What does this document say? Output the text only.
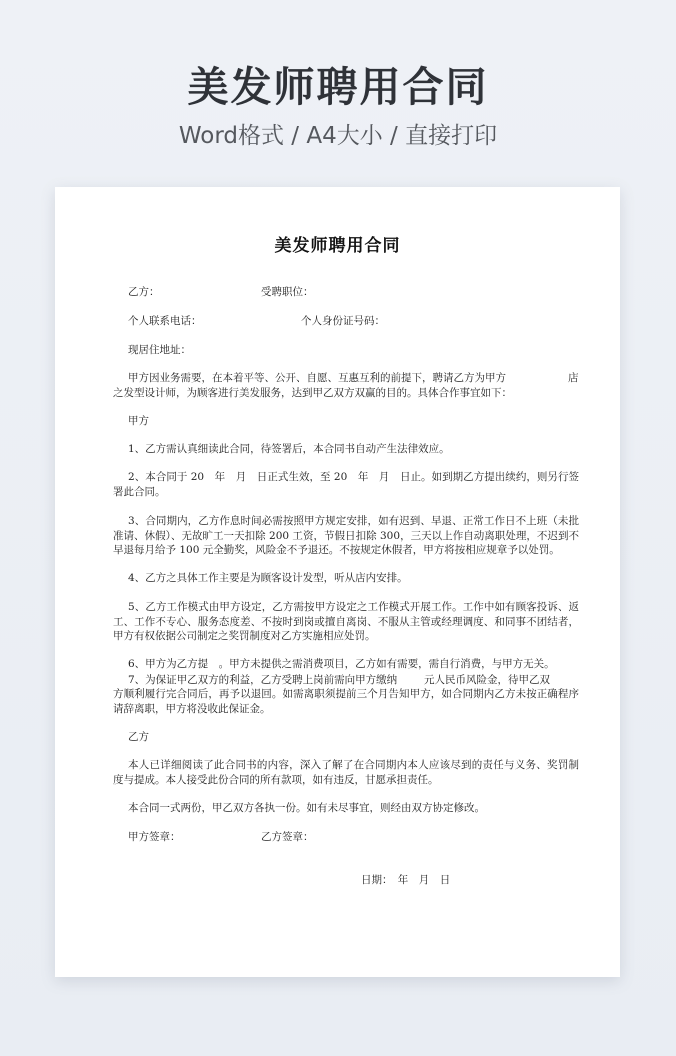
美发师聘用合同
Word格式 / A4大小 / 直接打印
美发师聘用合同
乙方：	受聘职位：
个人联系电话：	个人身份证号码：
现居住地址：
甲方因业务需要，在本着平等、公开、自愿、互惠互利的前提下，聘请乙方为甲方	店
之发型设计师，为顾客进行美发服务，达到甲乙双方双赢的目的。具体合作事宜如下：
甲方
1、乙方需认真细读此合同，待签署后，本合同书自动产生法律效应。
2、本合同于 20　年　月　日正式生效，至 20　年　月　日止。如到期乙方提出续约，则另行签署此合同。
3、合同期内，乙方作息时间必需按照甲方规定安排，如有迟到、早退、正常工作日不上班（未批准请、休假）、无故旷工一天扣除 200 工资，节假日扣除 300，三天以上作自动离职处理，不迟到不早退每月给予 100 元全勤奖，风险金不予退还。不按规定休假者，甲方将按相应规章予以处罚。
4、乙方之具体工作主要是为顾客设计发型，听从店内安排。
5、乙方工作模式由甲方设定，乙方需按甲方设定之工作模式开展工作。工作中如有顾客投诉、返工、工作不专心、服务态度差、不按时到岗或擅自离岗、不服从主管或经理调度、和同事不团结者，甲方有权依据公司制定之奖罚制度对乙方实施相应处罚。
6、甲方为乙方提　。甲方未提供之需消费项目，乙方如有需要，需自行消费，与甲方无关。
7、为保证甲乙双方的利益，乙方受聘上岗前需向甲方缴纳	元人民币风险金，待甲乙双
方顺利履行完合同后，再予以退回。如需离职须提前三个月告知甲方，如合同期内乙方未按正确程序请辞离职，甲方将没收此保证金。
乙方
本人已详细阅读了此合同书的内容，深入了解了在合同期内本人应该尽到的责任与义务、奖罚制度与提成。本人接受此份合同的所有款项，如有违反，甘愿承担责任。
本合同一式两份，甲乙双方各执一份。如有未尽事宜，则经由双方协定修改。
甲方签章：	乙方签章：
日期：　年　月　日
